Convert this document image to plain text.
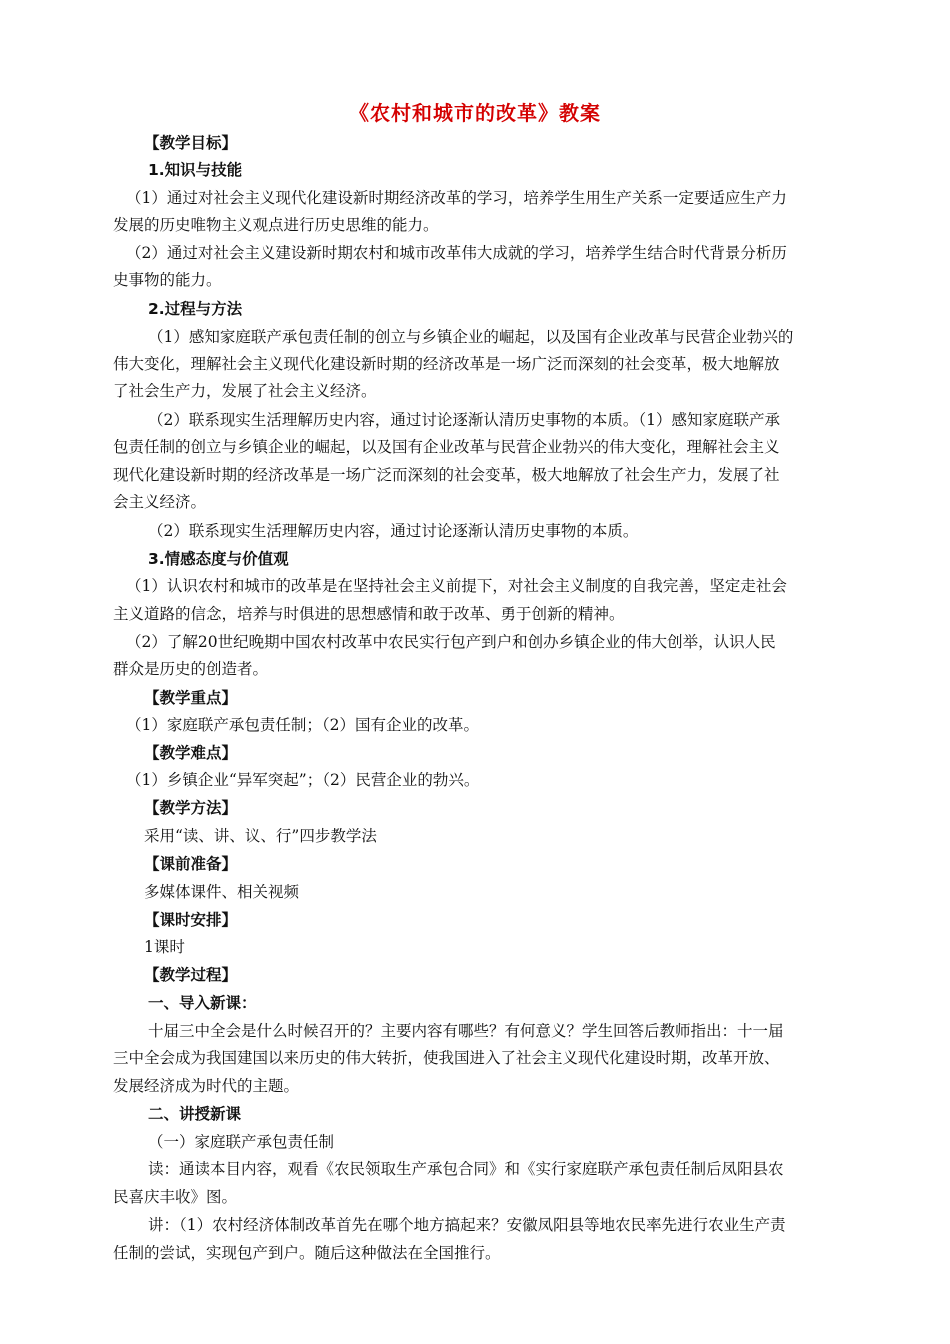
《农村和城市的改革》教案
【教学目标】
1.知识与技能
（1）通过对社会主义现代化建设新时期经济改革的学习，培养学生用生产关系一定要适应生产力
发展的历史唯物主义观点进行历史思维的能力。
（2）通过对社会主义建设新时期农村和城市改革伟大成就的学习，培养学生结合时代背景分析历
史事物的能力。
2.过程与方法
（1）感知家庭联产承包责任制的创立与乡镇企业的崛起，以及国有企业改革与民营企业勃兴的
伟大变化，理解社会主义现代化建设新时期的经济改革是一场广泛而深刻的社会变革，极大地解放
了社会生产力，发展了社会主义经济。
（2）联系现实生活理解历史内容，通过讨论逐渐认清历史事物的本质。（1）感知家庭联产承
包责任制的创立与乡镇企业的崛起，以及国有企业改革与民营企业勃兴的伟大变化，理解社会主义
现代化建设新时期的经济改革是一场广泛而深刻的社会变革，极大地解放了社会生产力，发展了社
会主义经济。
（2）联系现实生活理解历史内容，通过讨论逐渐认清历史事物的本质。
3.情感态度与价值观
（1）认识农村和城市的改革是在坚持社会主义前提下，对社会主义制度的自我完善，坚定走社会
主义道路的信念，培养与时俱进的思想感情和敢于改革、勇于创新的精神。
（2）了解20世纪晚期中国农村改革中农民实行包产到户和创办乡镇企业的伟大创举，认识人民
群众是历史的创造者。
【教学重点】
（1）家庭联产承包责任制；（2）国有企业的改革。
【教学难点】
（1）乡镇企业“异军突起”；（2）民营企业的勃兴。
【教学方法】
采用“读、讲、议、行”四步教学法
【课前准备】
多媒体课件、相关视频
【课时安排】
1课时
【教学过程】
一、导入新课：
十届三中全会是什么时候召开的？主要内容有哪些？有何意义？学生回答后教师指出：十一届
三中全会成为我国建国以来历史的伟大转折，使我国进入了社会主义现代化建设时期，改革开放、
发展经济成为时代的主题。
二、讲授新课
（一）家庭联产承包责任制
读：通读本目内容，观看《农民领取生产承包合同》和《实行家庭联产承包责任制后凤阳县农
民喜庆丰收》图。
讲：（1）农村经济体制改革首先在哪个地方搞起来？安徽凤阳县等地农民率先进行农业生产责
任制的尝试，实现包产到户。随后这种做法在全国推行。
